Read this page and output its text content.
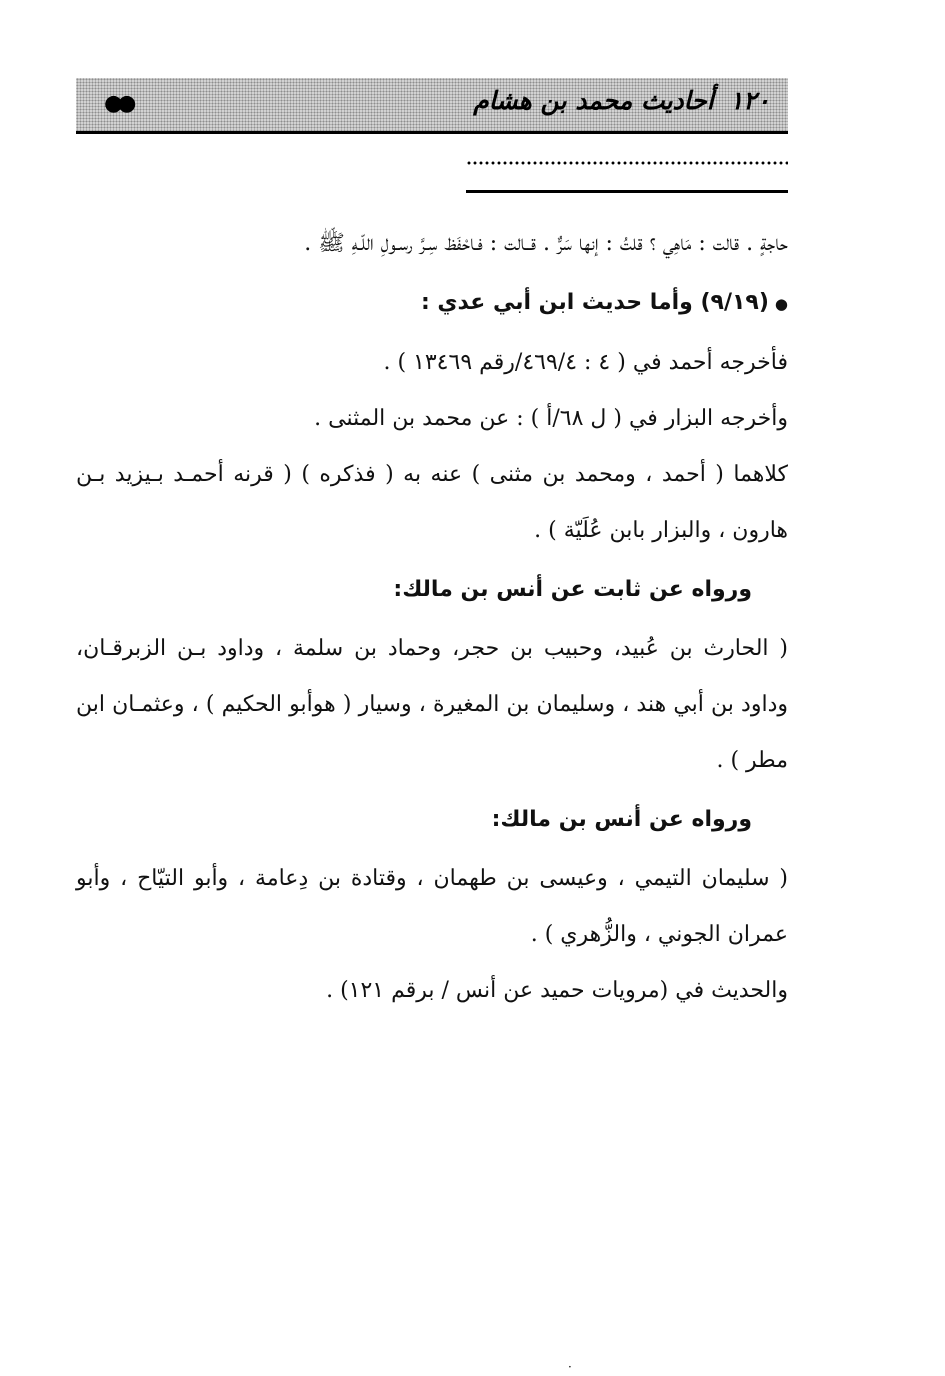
●●	١٢٠أحاديث محمد بن هشام

حاجةٍ . قالت : مَاهِي ؟ قلتُ : إنها سَرٌّ . قــالت : فـاحْفَظ سِـرَّ رسـولِ اللّـهِ ﷺ .

● (٩/١٩) وأما حديث ابن أبي عدي :

فأخرجه أحمد في ( ٤ : ٤٦٩/٤/رقم ١٣٤٦٩ ) .

وأخرجه البزار في ( ل ٦٨/أ ) : عن محمد بن المثنى .

كلاهما ( أحمد ، ومحمد بن مثنى ) عنه به ( فذكره ) ( قرنه أحمـد بـيزيد بـن هارون ، والبزار بابن عُلَيّة ) .

ورواه عن ثابت عن أنس بن مالك:

( الحارث بن عُبيد، وحبيب بن حجر، وحماد بن سلمة ، وداود بـن الزبرقـان، وداود بن أبي هند ، وسليمان بن المغيرة ، وسيار ( هوأبو الحكيم ) ، وعثمـان ابن مطر ) .

ورواه عن أنس بن مالك:

( سليمان التيمي ، وعيسى بن طهمان ، وقتادة بن دِعامة ، وأبو التيّاح ، وأبو عمران الجوني ، والزُّهري ) .

والحديث في (مرويات حميد عن أنس / برقم ١٢١) .

·
